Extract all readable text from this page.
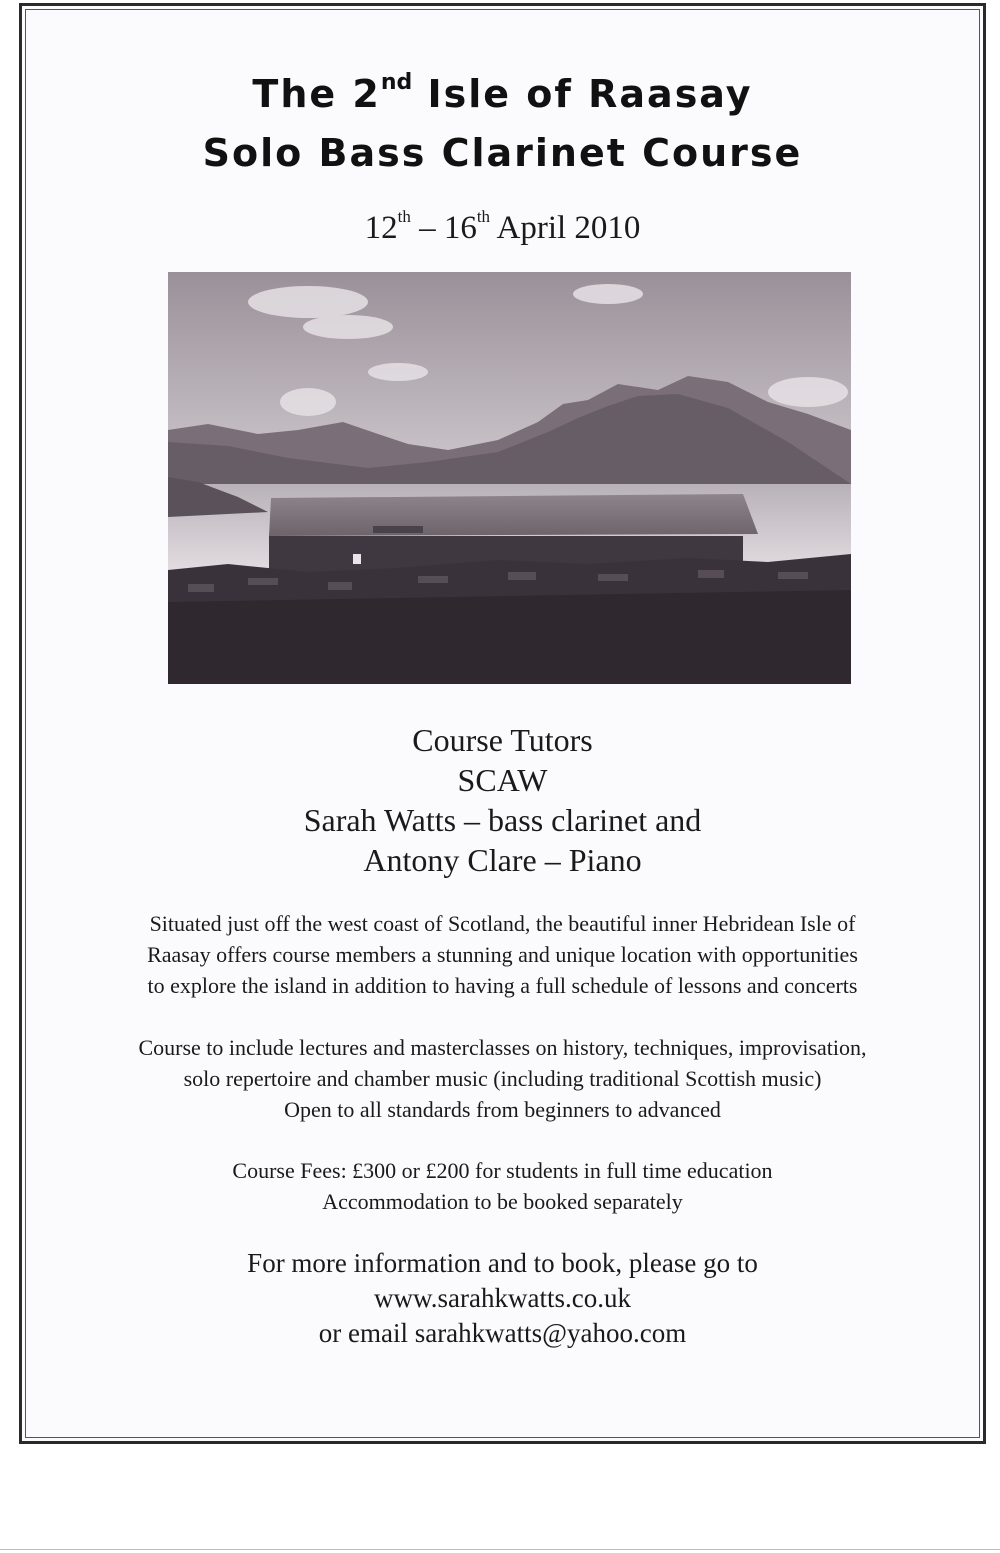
The 2nd Isle of Raasay
Solo Bass Clarinet Course
12th – 16th April 2010
Course Tutors
SCAW
Sarah Watts – bass clarinet and
Antony Clare – Piano
Situated just off the west coast of Scotland, the beautiful inner Hebridean Isle of
Raasay offers course members a stunning and unique location with opportunities
to explore the island in addition to having a full schedule of lessons and concerts
Course to include lectures and masterclasses on history, techniques, improvisation,
solo repertoire and chamber music (including traditional Scottish music)
Open to all standards from beginners to advanced
Course Fees: £300 or £200 for students in full time education
Accommodation to be booked separately
For more information and to book, please go to
www.sarahkwatts.co.uk
or email sarahkwatts@yahoo.com
